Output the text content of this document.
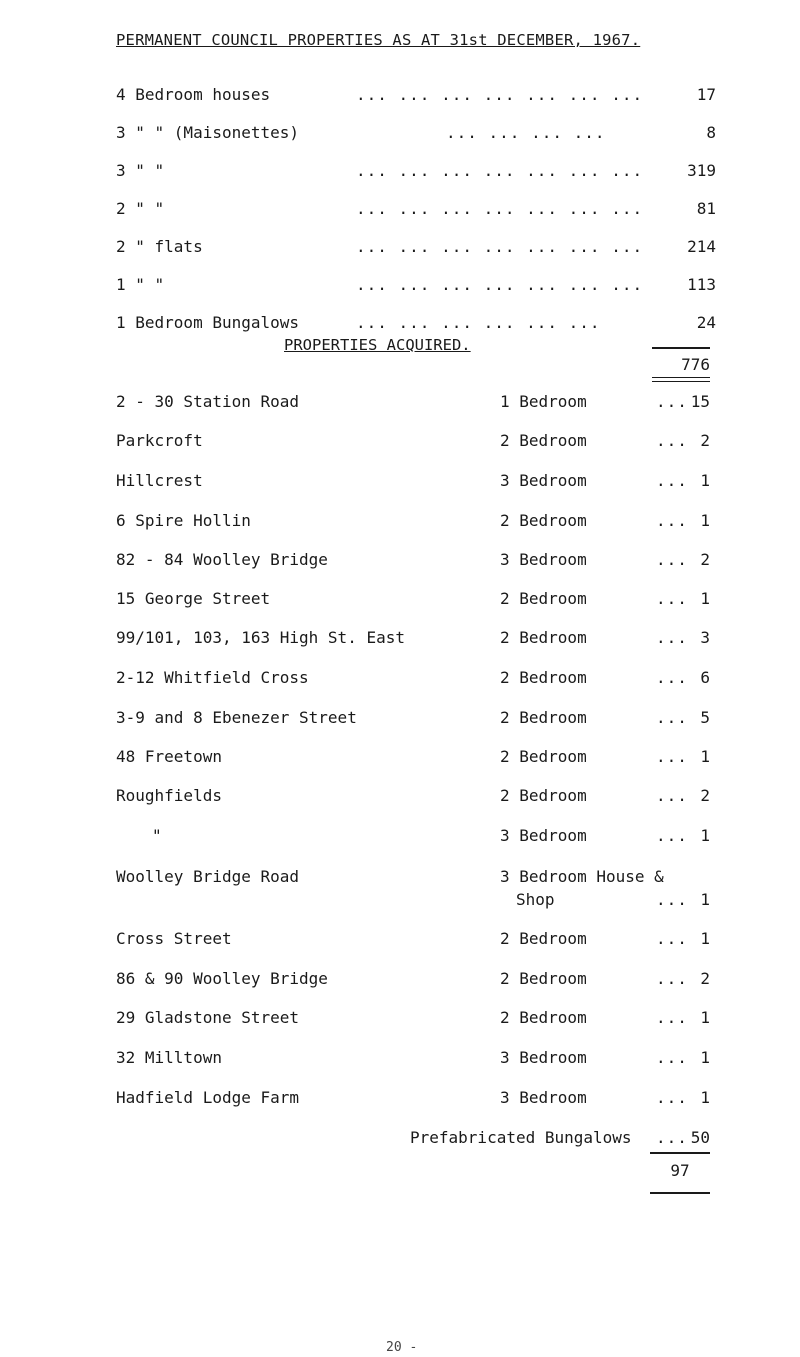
PERMANENT COUNCIL PROPERTIES AS AT 31st DECEMBER, 1967.
4 Bedroom houses	... ... ... ... ... ... ...	17
3 " " (Maisonettes)	... ... ... ...	8
3 " "	... ... ... ... ... ... ...	319
2 " "	... ... ... ... ... ... ...	81
2 " flats	... ... ... ... ... ... ...	214
1 " "	... ... ... ... ... ... ...	113
1 Bedroom Bungalows	... ... ... ... ... ...	24
776
PROPERTIES ACQUIRED.
2 - 30 Station Road	1 Bedroom	... 15
Parkcroft	2 Bedroom	... 2
Hillcrest	3 Bedroom	... 1
6 Spire Hollin	2 Bedroom	... 1
82 - 84 Woolley Bridge	3 Bedroom	... 2
15 George Street	2 Bedroom	... 1
99/101, 103, 163 High St. East	2 Bedroom	... 3
2-12 Whitfield Cross	2 Bedroom	... 6
3-9 and 8 Ebenezer Street	2 Bedroom	... 5
48 Freetown	2 Bedroom	... 1
Roughfields	2 Bedroom	... 2
"	3 Bedroom	... 1
Woolley Bridge Road	3 Bedroom House &
Shop	... 1
Cross Street	2 Bedroom	... 1
86 & 90 Woolley Bridge	2 Bedroom	... 2
29 Gladstone Street	2 Bedroom	... 1
32 Milltown	3 Bedroom	... 1
Hadfield Lodge Farm	3 Bedroom	... 1
Prefabricated Bungalows ... 50
97
20 -
